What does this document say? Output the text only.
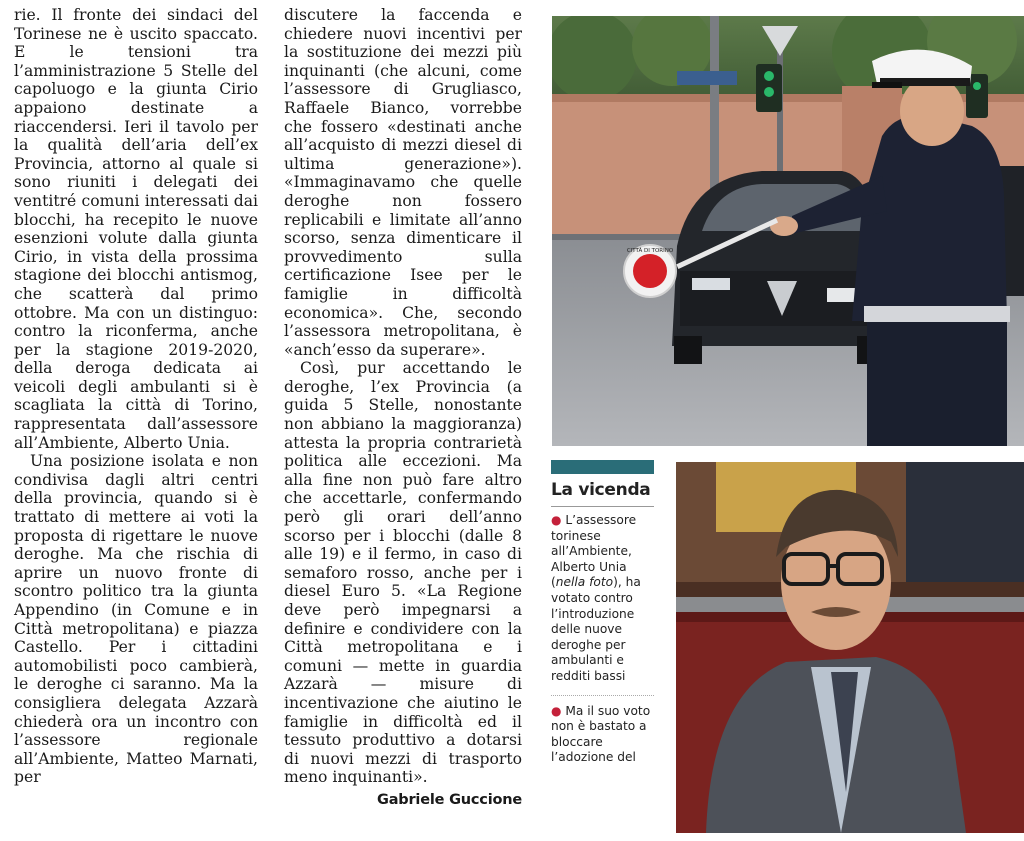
rie. Il fronte dei sindaci del Torinese ne è uscito spaccato. E le tensioni tra l’amministrazione 5 Stelle del capoluogo e la giunta Cirio appaiono destinate a riaccendersi. Ieri il tavolo per la qualità dell’aria dell’ex Provincia, attorno al quale si sono riuniti i delegati dei ventitré comuni interessati dai blocchi, ha recepito le nuove esenzioni volute dalla giunta Cirio, in vista della prossima stagione dei blocchi antismog, che scatterà dal primo ottobre. Ma con un distinguo: contro la riconferma, anche per la stagione 2019-2020, della deroga dedicata ai veicoli degli ambulanti si è scagliata la città di Torino, rappresentata dall’assessore all’Ambiente, Alberto Unia.

Una posizione isolata e non condivisa dagli altri centri della provincia, quando si è trattato di mettere ai voti la proposta di rigettare le nuove deroghe. Ma che rischia di aprire un nuovo fronte di scontro politico tra la giunta Appendino (in Comune e in Città metropolitana) e piazza Castello. Per i cittadini automobilisti poco cambierà, le deroghe ci saranno. Ma la consigliera delegata Azzarà chiederà ora un incontro con l’assessore regionale all’Ambiente, Matteo Marnati, per

discutere la faccenda e chiedere nuovi incentivi per la sostituzione dei mezzi più inquinanti (che alcuni, come l’assessore di Grugliasco, Raffaele Bianco, vorrebbe che fossero «destinati anche all’acquisto di mezzi diesel di ultima generazione»). «Immaginavamo che quelle deroghe non fossero replicabili e limitate all’anno scorso, senza dimenticare il provvedimento sulla certificazione Isee per le famiglie in difficoltà economica». Che, secondo l’assessora metropolitana, è «anch’esso da superare».

Così, pur accettando le deroghe, l’ex Provincia (a guida 5 Stelle, nonostante non abbiano la maggioranza) attesta la propria contrarietà politica alle eccezioni. Ma alla fine non può fare altro che accettarle, confermando però gli orari dell’anno scorso per i blocchi (dalle 8 alle 19) e il fermo, in caso di semaforo rosso, anche per i diesel Euro 5. «La Regione deve però impegnarsi a definire e condividere con la Città metropolitana e i comuni — mette in guardia Azzarà — misure di incentivazione che aiutino le famiglie in difficoltà ed il tessuto produttivo a dotarsi di nuovi mezzi di trasporto meno inquinanti».

Gabriele Guccione
CITTÀ DI TORINO
La vicenda
● L’assessore torinese all’Ambiente, Alberto Unia (nella foto), ha votato contro l’introduzione delle nuove deroghe per ambulanti e redditi bassi
● Ma il suo voto non è bastato a bloccare l’adozione del
